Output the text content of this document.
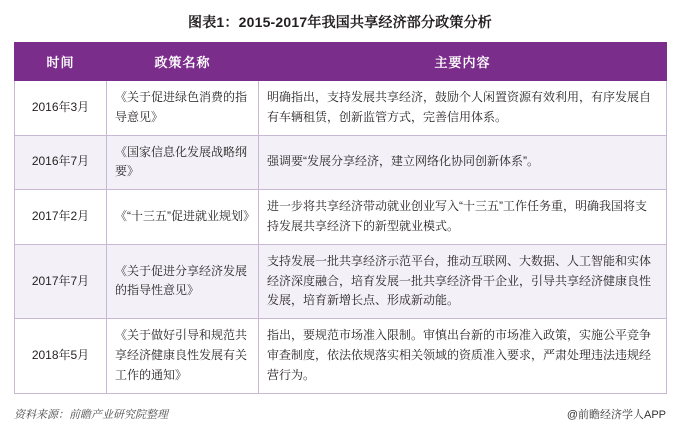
图表1：2015-2017年我国共享经济部分政策分析
时间	政策名称	主要内容
2016年3月	《关于促进绿色消费的指导意见》	明确指出，支持发展共享经济，鼓励个人闲置资源有效利用，有序发展自有车辆租赁，创新监管方式，完善信用体系。
2016年7月	《国家信息化发展战略纲要》	强调要“发展分享经济，建立网络化协同创新体系”。
2017年2月	《“十三五”促进就业规划》	进一步将共享经济带动就业创业写入“十三五”工作任务重，明确我国将支持发展共享经济下的新型就业模式。
2017年7月	《关于促进分享经济发展的指导性意见》	支持发展一批共享经济示范平台，推动互联网、大数据、人工智能和实体经济深度融合，培育发展一批共享经济骨干企业，引导共享经济健康良性发展，培育新增长点、形成新动能。
2018年5月	《关于做好引导和规范共享经济健康良性发展有关工作的通知》	指出，要规范市场准入限制。审慎出台新的市场准入政策，实施公平竞争审查制度，依法依规落实相关领域的资质准入要求，严肃处理违法违规经营行为。
资料来源：前瞻产业研究院整理	@前瞻经济学人APP
